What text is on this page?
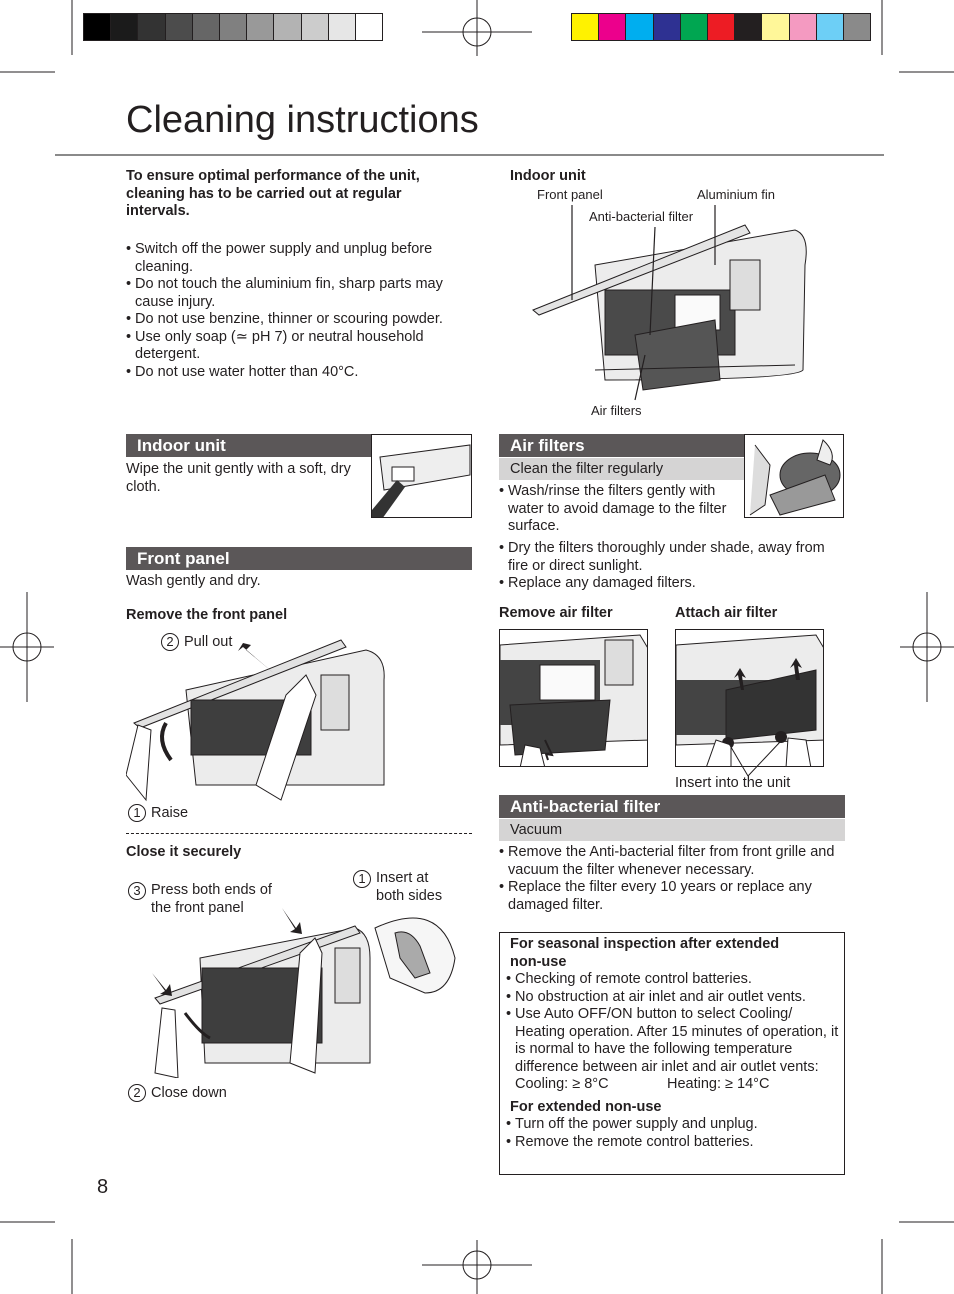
Cleaning instructions
To ensure optimal performance of the unit, cleaning has to be carried out at regular intervals.
• Switch off the power supply and unplug before cleaning.
• Do not touch the aluminium fin, sharp parts may cause injury.
• Do not use benzine, thinner or scouring powder.
• Use only soap (≃ pH 7) or neutral household detergent.
• Do not use water hotter than 40°C.
Indoor unit
Front panel	Aluminium fin
Anti-bacterial filter
Air filters
Indoor unit
Wipe the unit gently with a soft, dry cloth.
Front panel
Wash gently and dry.
Remove the front panel
2 Pull out
1 Raise
Close it securely
3 Press both ends of the front panel
1 Insert at both sides
2 Close down
Air filters
Clean the filter regularly
• Wash/rinse the filters gently with water to avoid damage to the filter surface.
• Dry the filters thoroughly under shade, away from fire or direct sunlight.
• Replace any damaged filters.
Remove air filter	Attach air filter
Insert into the unit
Anti-bacterial filter
Vacuum
• Remove the Anti-bacterial filter from front grille and vacuum the filter whenever necessary.
• Replace the filter every 10 years or replace any damaged filter.
For seasonal inspection after extended non-use
• Checking of remote control batteries.
• No obstruction at air inlet and air outlet vents.
• Use Auto OFF/ON button to select Cooling/ Heating operation. After 15 minutes of operation, it is normal to have the following temperature difference between air inlet and air outlet vents:
Cooling: ≥ 8°C	Heating: ≥ 14°C
For extended non-use
• Turn off the power supply and unplug.
• Remove the remote control batteries.
8
